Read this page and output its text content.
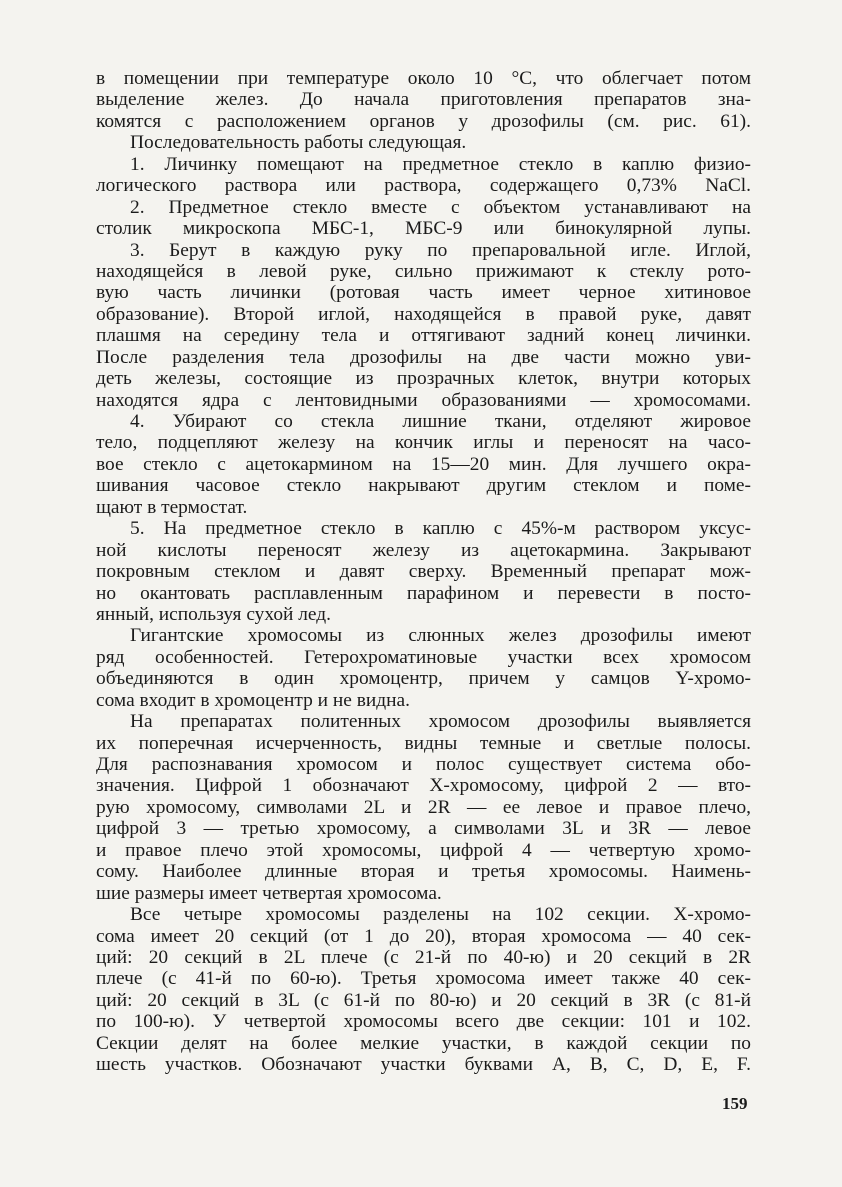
в помещении при температуре около 10 °С, что облегчает потом
выделение желез. До начала приготовления препаратов зна-
комятся с расположением органов у дрозофилы (см. рис. 61).
Последовательность работы следующая.
1. Личинку помещают на предметное стекло в каплю физио-
логического раствора или раствора, содержащего 0,73% NaCl.
2. Предметное стекло вместе с объектом устанавливают на
столик микроскопа МБС-1, МБС-9 или бинокулярной лупы.
3. Берут в каждую руку по препаровальной игле. Иглой,
находящейся в левой руке, сильно прижимают к стеклу рото-
вую часть личинки (ротовая часть имеет черное хитиновое
образование). Второй иглой, находящейся в правой руке, давят
плашмя на середину тела и оттягивают задний конец личинки.
После разделения тела дрозофилы на две части можно уви-
деть железы, состоящие из прозрачных клеток, внутри которых
находятся ядра с лентовидными образованиями — хромосомами.
4. Убирают со стекла лишние ткани, отделяют жировое
тело, подцепляют железу на кончик иглы и переносят на часо-
вое стекло с ацетокармином на 15—20 мин. Для лучшего окра-
шивания часовое стекло накрывают другим стеклом и поме-
щают в термостат.
5. На предметное стекло в каплю с 45%-м раствором уксус-
ной кислоты переносят железу из ацетокармина. Закрывают
покровным стеклом и давят сверху. Временный препарат мож-
но окантовать расплавленным парафином и перевести в посто-
янный, используя сухой лед.
Гигантские хромосомы из слюнных желез дрозофилы имеют
ряд особенностей. Гетерохроматиновые участки всех хромосом
объединяются в один хромоцентр, причем у самцов Y-хромо-
сома входит в хромоцентр и не видна.
На препаратах политенных хромосом дрозофилы выявляется
их поперечная исчерченность, видны темные и светлые полосы.
Для распознавания хромосом и полос существует система обо-
значения. Цифрой 1 обозначают X-хромосому, цифрой 2 — вто-
рую хромосому, символами 2L и 2R — ее левое и правое плечо,
цифрой 3 — третью хромосому, а символами 3L и 3R — левое
и правое плечо этой хромосомы, цифрой 4 — четвертую хромо-
сому. Наиболее длинные вторая и третья хромосомы. Наимень-
шие размеры имеет четвертая хромосома.
Все четыре хромосомы разделены на 102 секции. X-хромо-
сома имеет 20 секций (от 1 до 20), вторая хромосома — 40 сек-
ций: 20 секций в 2L плече (с 21-й по 40-ю) и 20 секций в 2R
плече (с 41-й по 60-ю). Третья хромосома имеет также 40 сек-
ций: 20 секций в 3L (с 61-й по 80-ю) и 20 секций в 3R (с 81-й
по 100-ю). У четвертой хромосомы всего две секции: 101 и 102.
Секции делят на более мелкие участки, в каждой секции по
шесть участков. Обозначают участки буквами A, B, C, D, E, F.
159
